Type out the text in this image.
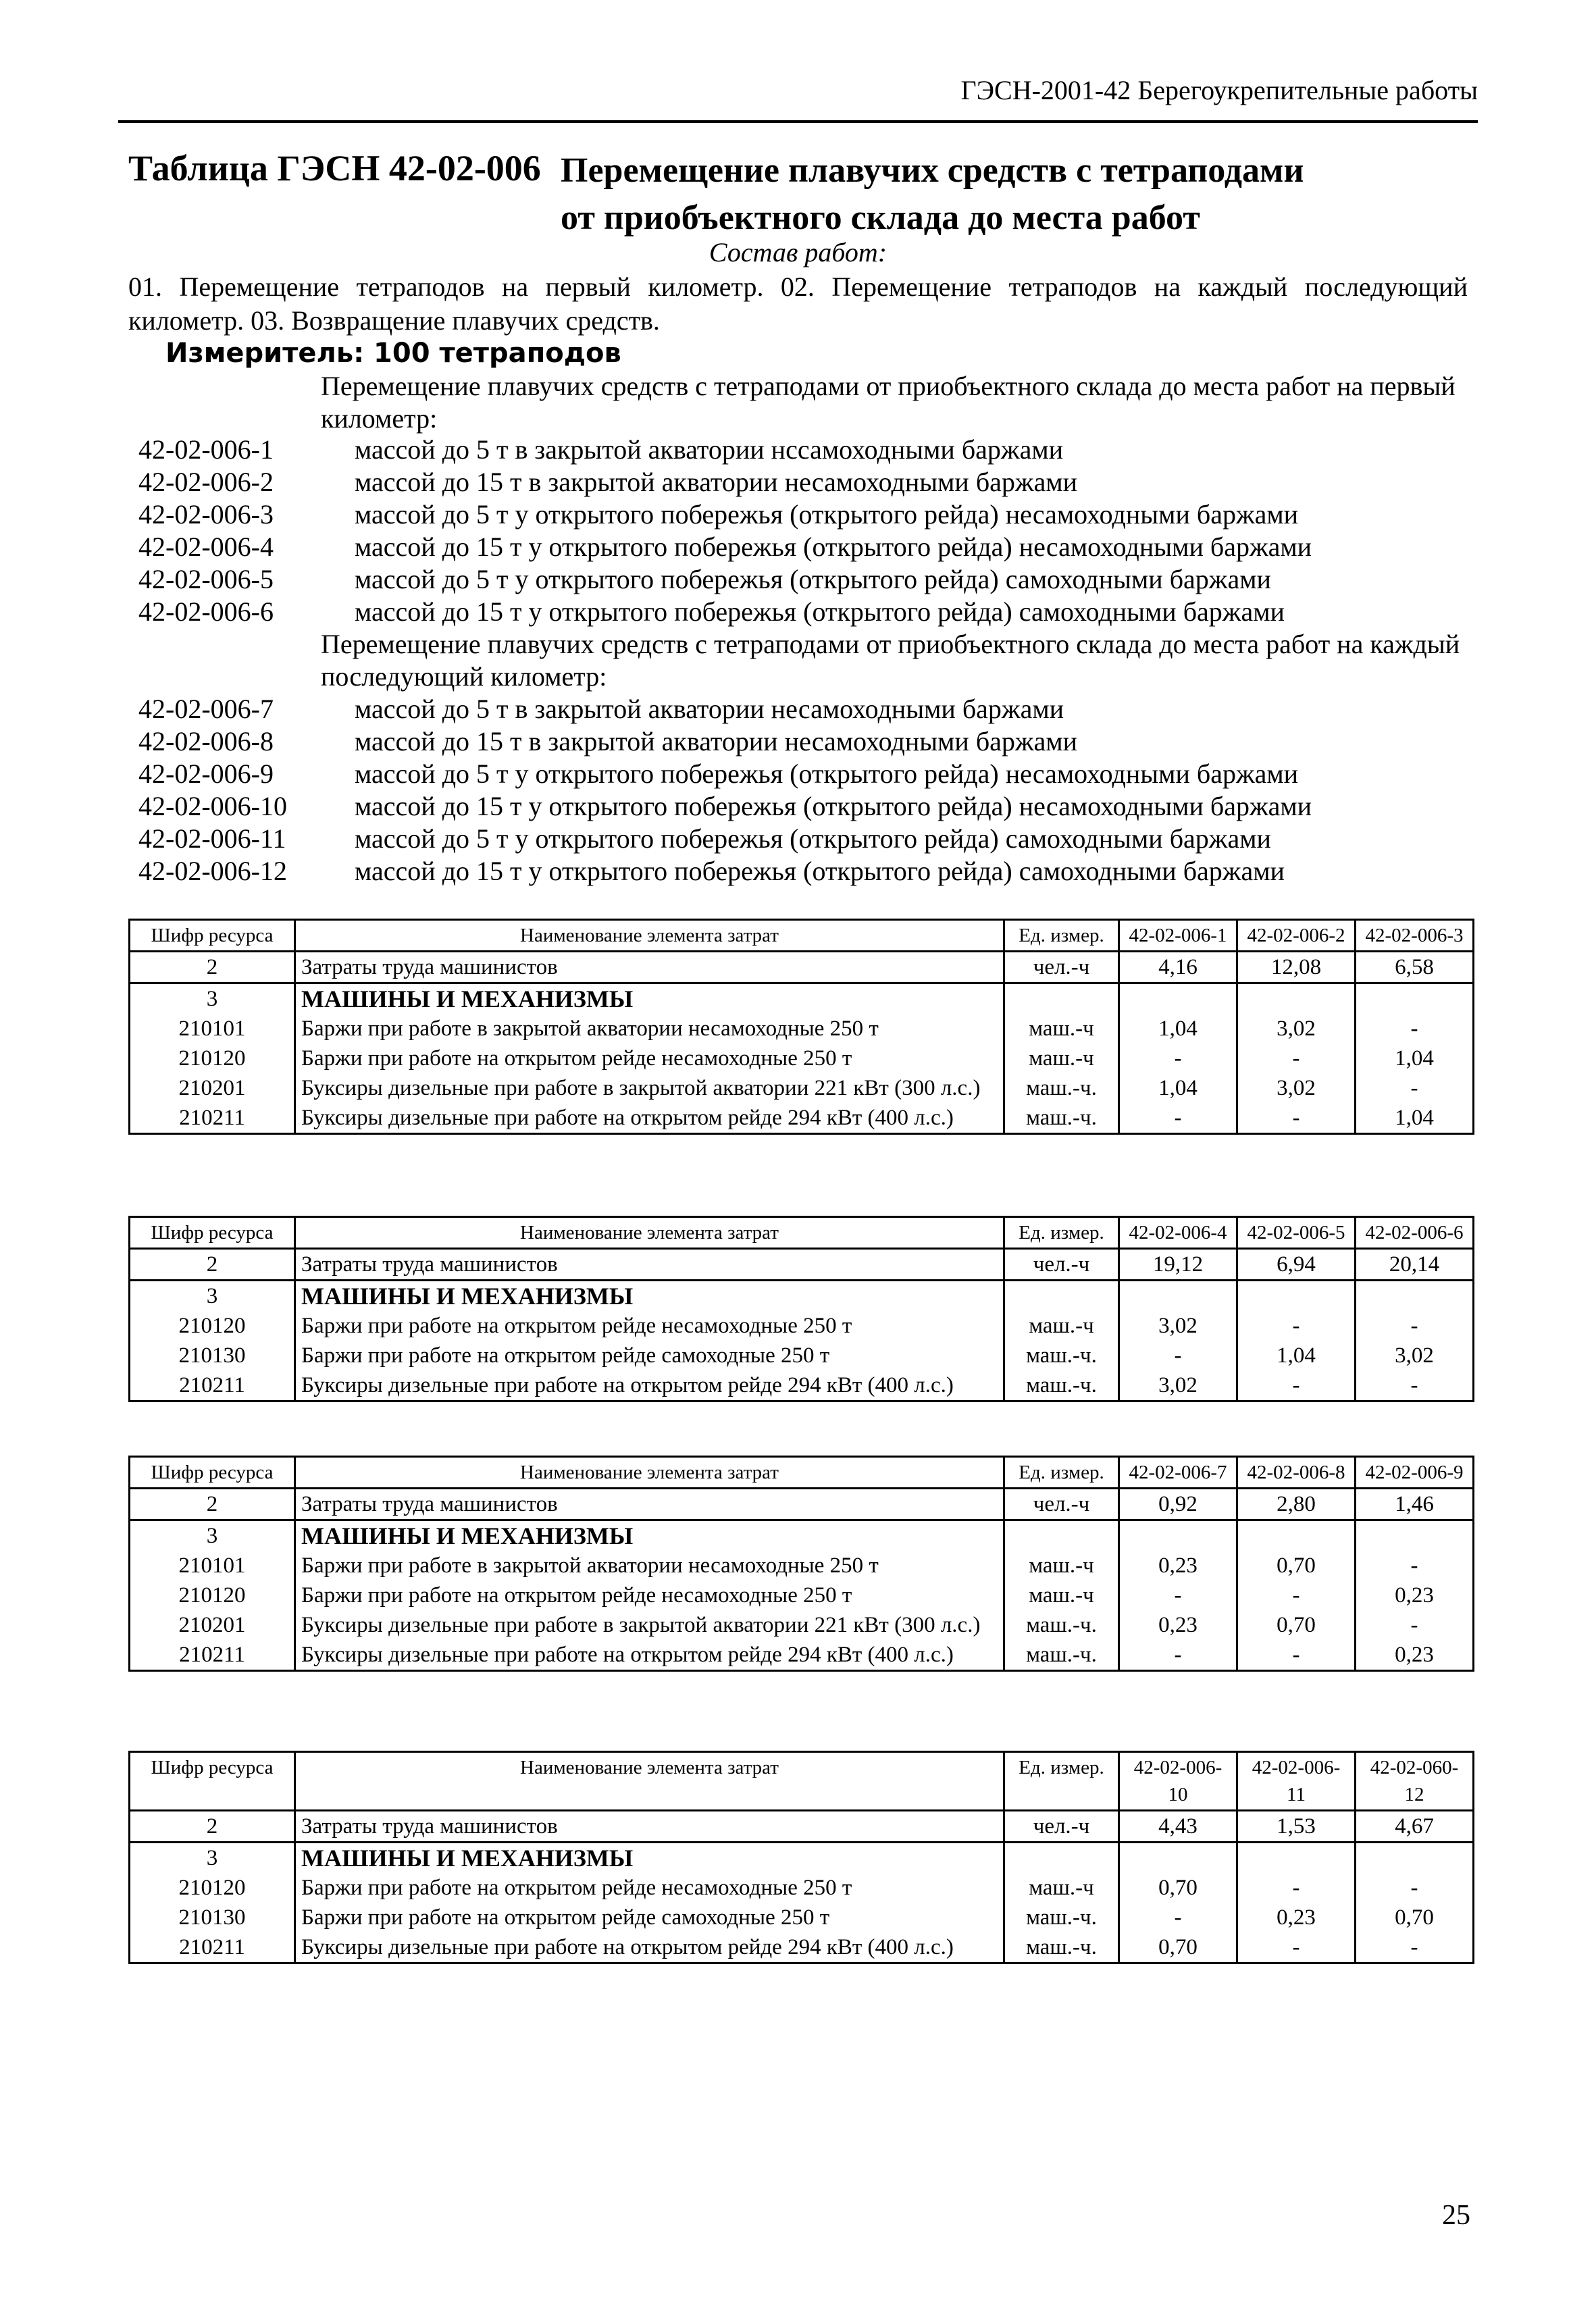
ГЭСН-2001-42 Берегоукрепительные работы
Таблица ГЭСН 42-02-006 Перемещение плавучих средств с тетраподами
от приобъектного склада до места работ
Состав работ:
01. Перемещение тетраподов на первый километр. 02. Перемещение тетраподов на каждый последующий километр. 03. Возвращение плавучих средств.
Измеритель: 100 тетраподов
Перемещение плавучих средств с тетраподами от приобъектного склада до места работ на первый километр:
42-02-006-1	массой до 5 т в закрытой акватории нссамоходными баржами
42-02-006-2	массой до 15 т в закрытой акватории несамоходными баржами
42-02-006-3	массой до 5 т у открытого побережья (открытого рейда) несамоходными баржами
42-02-006-4	массой до 15 т у открытого побережья (открытого рейда) несамоходными баржами
42-02-006-5	массой до 5 т у открытого побережья (открытого рейда) самоходными баржами
42-02-006-6	массой до 15 т у открытого побережья (открытого рейда) самоходными баржами
Перемещение плавучих средств с тетраподами от приобъектного склада до места работ на каждый последующий километр:
42-02-006-7	массой до 5 т в закрытой акватории несамоходными баржами
42-02-006-8	массой до 15 т в закрытой акватории несамоходными баржами
42-02-006-9	массой до 5 т у открытого побережья (открытого рейда) несамоходными баржами
42-02-006-10	массой до 15 т у открытого побережья (открытого рейда) несамоходными баржами
42-02-006-11	массой до 5 т у открытого побережья (открытого рейда) самоходными баржами
42-02-006-12	массой до 15 т у открытого побережья (открытого рейда) самоходными баржами
Шифр ресурса	Наименование элемента затрат	Ед. измер.	42-02-006-1	42-02-006-2	42-02-006-3
2	Затраты труда машинистов	чел.-ч	4,16	12,08	6,58
3	МАШИНЫ И МЕХАНИЗМЫ				
210101	Баржи при работе в закрытой акватории несамоходные 250 т	маш.-ч	1,04	3,02	-
210120	Баржи при работе на открытом рейде несамоходные 250 т	маш.-ч	-	-	1,04
210201	Буксиры дизельные при работе в закрытой акватории 221 кВт (300 л.с.)	маш.-ч.	1,04	3,02	-
210211	Буксиры дизельные при работе на открытом рейде 294 кВт (400 л.с.)	маш.-ч.	-	-	1,04
Шифр ресурса	Наименование элемента затрат	Ед. измер.	42-02-006-4	42-02-006-5	42-02-006-6
2	Затраты труда машинистов	чел.-ч	19,12	6,94	20,14
3	МАШИНЫ И МЕХАНИЗМЫ				
210120	Баржи при работе на открытом рейде несамоходные 250 т	маш.-ч	3,02	-	-
210130	Баржи при работе на открытом рейде самоходные 250 т	маш.-ч.	-	1,04	3,02
210211	Буксиры дизельные при работе на открытом рейде 294 кВт (400 л.с.)	маш.-ч.	3,02	-	-
Шифр ресурса	Наименование элемента затрат	Ед. измер.	42-02-006-7	42-02-006-8	42-02-006-9
2	Затраты труда машинистов	чел.-ч	0,92	2,80	1,46
3	МАШИНЫ И МЕХАНИЗМЫ				
210101	Баржи при работе в закрытой акватории несамоходные 250 т	маш.-ч	0,23	0,70	-
210120	Баржи при работе на открытом рейде несамоходные 250 т	маш.-ч	-	-	0,23
210201	Буксиры дизельные при работе в закрытой акватории 221 кВт (300 л.с.)	маш.-ч.	0,23	0,70	-
210211	Буксиры дизельные при работе на открытом рейде 294 кВт (400 л.с.)	маш.-ч.	-	-	0,23
Шифр ресурса	Наименование элемента затрат	Ед. измер.	42-02-006-10	42-02-006-11	42-02-060-12
2	Затраты труда машинистов	чел.-ч	4,43	1,53	4,67
3	МАШИНЫ И МЕХАНИЗМЫ				
210120	Баржи при работе на открытом рейде несамоходные 250 т	маш.-ч	0,70	-	-
210130	Баржи при работе на открытом рейде самоходные 250 т	маш.-ч.	-	0,23	0,70
210211	Буксиры дизельные при работе на открытом рейде 294 кВт (400 л.с.)	маш.-ч.	0,70	-	-
25
